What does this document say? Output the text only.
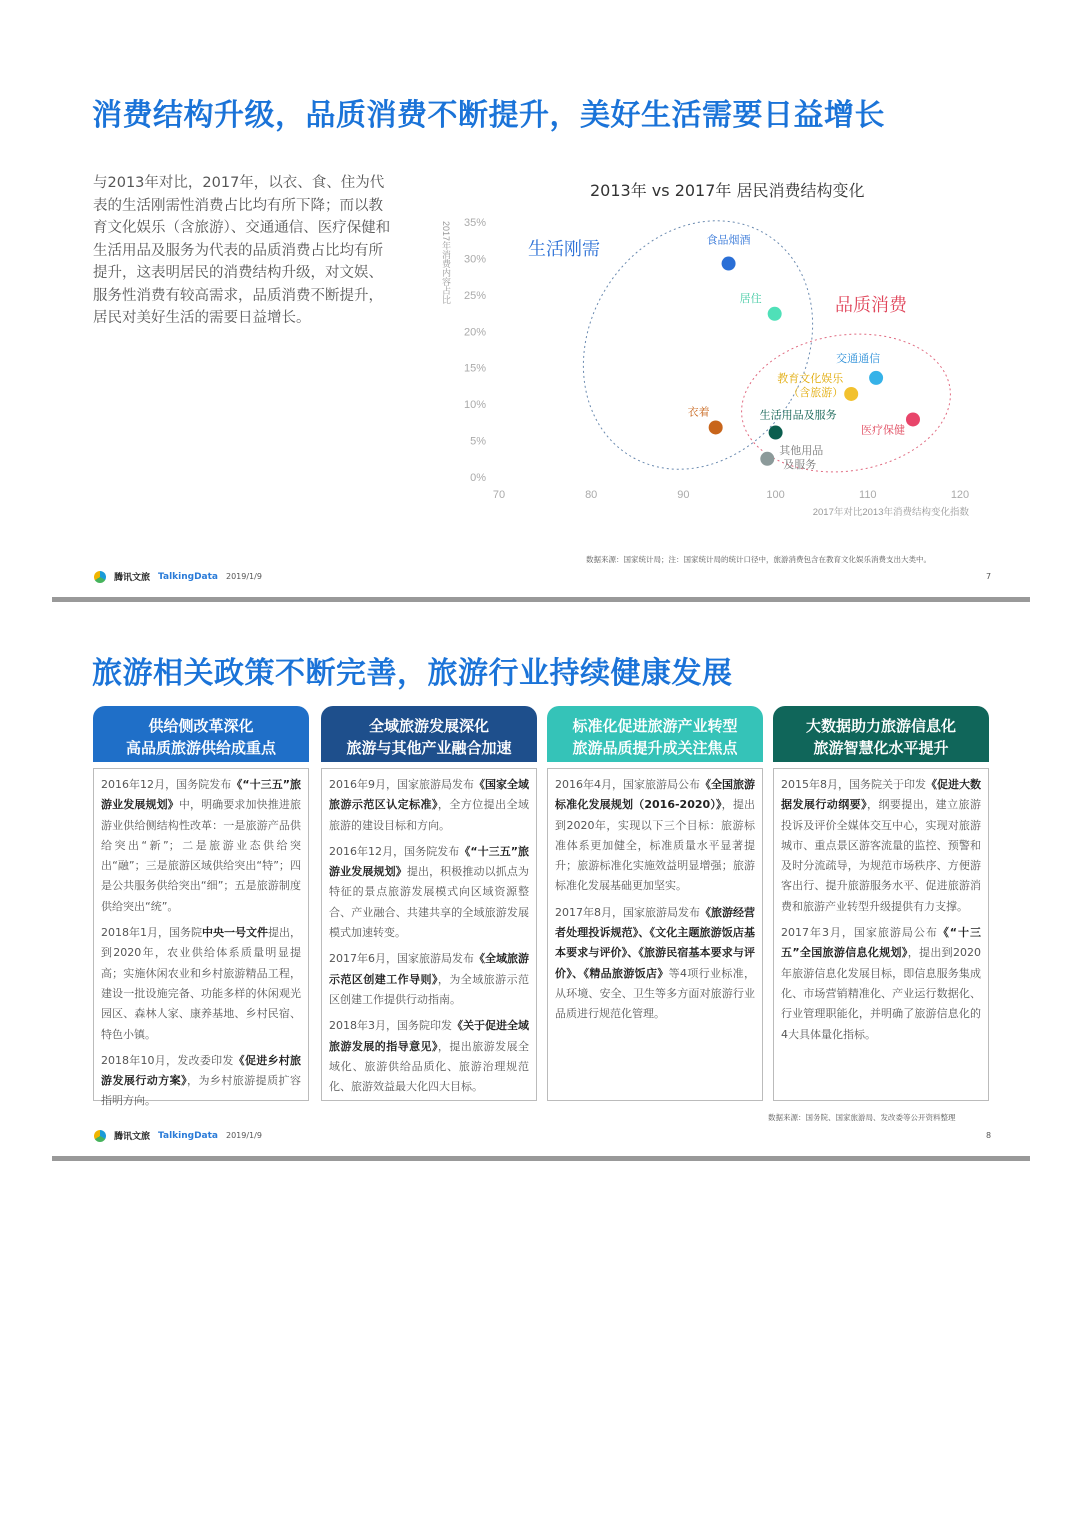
消费结构升级，品质消费不断提升，美好生活需要日益增长
与2013年对比，2017年，以衣、食、住为代表的生活刚需性消费占比均有所下降；而以教育文化娱乐（含旅游）、交通通信、医疗保健和生活用品及服务为代表的品质消费占比均有所提升，这表明居民的消费结构升级，对文娱、服务性消费有较高需求，品质消费不断提升，居民对美好生活的需要日益增长。
2013年 vs 2017年 居民消费结构变化
2017年消费内容占比
0%
5%
10%
15%
20%
25%
30%
35%
70	80	90	100	110	120
食品烟酒
居住
衣着
交通通信
教育文化娱乐（含旅游）
医疗保健
生活用品及服务
其他用品及服务
生活刚需
品质消费
2017年对比2013年消费结构变化指数
数据来源：国家统计局；注：国家统计局的统计口径中，旅游消费包含在教育文化娱乐消费支出大类中。
腾讯文旅 TalkingData 2019/1/9	7
旅游相关政策不断完善，旅游行业持续健康发展
供给侧改革深化
高品质旅游供给成重点

2016年12月，国务院发布《“十三五”旅游业发展规划》中，明确要求加快推进旅游业供给侧结构性改革：一是旅游产品供给突出“新”；二是旅游业态供给突出“融”；三是旅游区域供给突出“特”；四是公共服务供给突出“细”；五是旅游制度供给突出“统”。

2018年1月，国务院中央一号文件提出，到2020年，农业供给体系质量明显提高；实施休闲农业和乡村旅游精品工程，建设一批设施完备、功能多样的休闲观光园区、森林人家、康养基地、乡村民宿、特色小镇。

2018年10月，发改委印发《促进乡村旅游发展行动方案》，为乡村旅游提质扩容指明方向。

全域旅游发展深化
旅游与其他产业融合加速

2016年9月，国家旅游局发布《国家全域旅游示范区认定标准》，全方位提出全域旅游的建设目标和方向。

2016年12月，国务院发布《“十三五”旅游业发展规划》提出，积极推动以抓点为特征的景点旅游发展模式向区域资源整合、产业融合、共建共享的全域旅游发展模式加速转变。

2017年6月，国家旅游局发布《全域旅游示范区创建工作导则》，为全域旅游示范区创建工作提供行动指南。

2018年3月，国务院印发《关于促进全域旅游发展的指导意见》，提出旅游发展全域化、旅游供给品质化、旅游治理规范化、旅游效益最大化四大目标。

标准化促进旅游产业转型
旅游品质提升成关注焦点

2016年4月，国家旅游局公布《全国旅游标准化发展规划（2016-2020）》，提出到2020年，实现以下三个目标：旅游标准体系更加健全，标准质量水平显著提升；旅游标准化实施效益明显增强；旅游标准化发展基础更加坚实。

2017年8月，国家旅游局发布《旅游经营者处理投诉规范》、《文化主题旅游饭店基本要求与评价》、《旅游民宿基本要求与评价》、《精品旅游饭店》等4项行业标准，从环境、安全、卫生等多方面对旅游行业品质进行规范化管理。

大数据助力旅游信息化
旅游智慧化水平提升

2015年8月，国务院关于印发《促进大数据发展行动纲要》，纲要提出，建立旅游投诉及评价全媒体交互中心，实现对旅游城市、重点景区游客流量的监控、预警和及时分流疏导，为规范市场秩序、方便游客出行、提升旅游服务水平、促进旅游消费和旅游产业转型升级提供有力支撑。

2017年3月，国家旅游局公布《“十三五”全国旅游信息化规划》，提出到2020年旅游信息化发展目标，即信息服务集成化、市场营销精准化、产业运行数据化、行业管理职能化，并明确了旅游信息化的4大具体量化指标。

数据来源：国务院、国家旅游局、发改委等公开资料整理
腾讯文旅 TalkingData 2019/1/9	8
